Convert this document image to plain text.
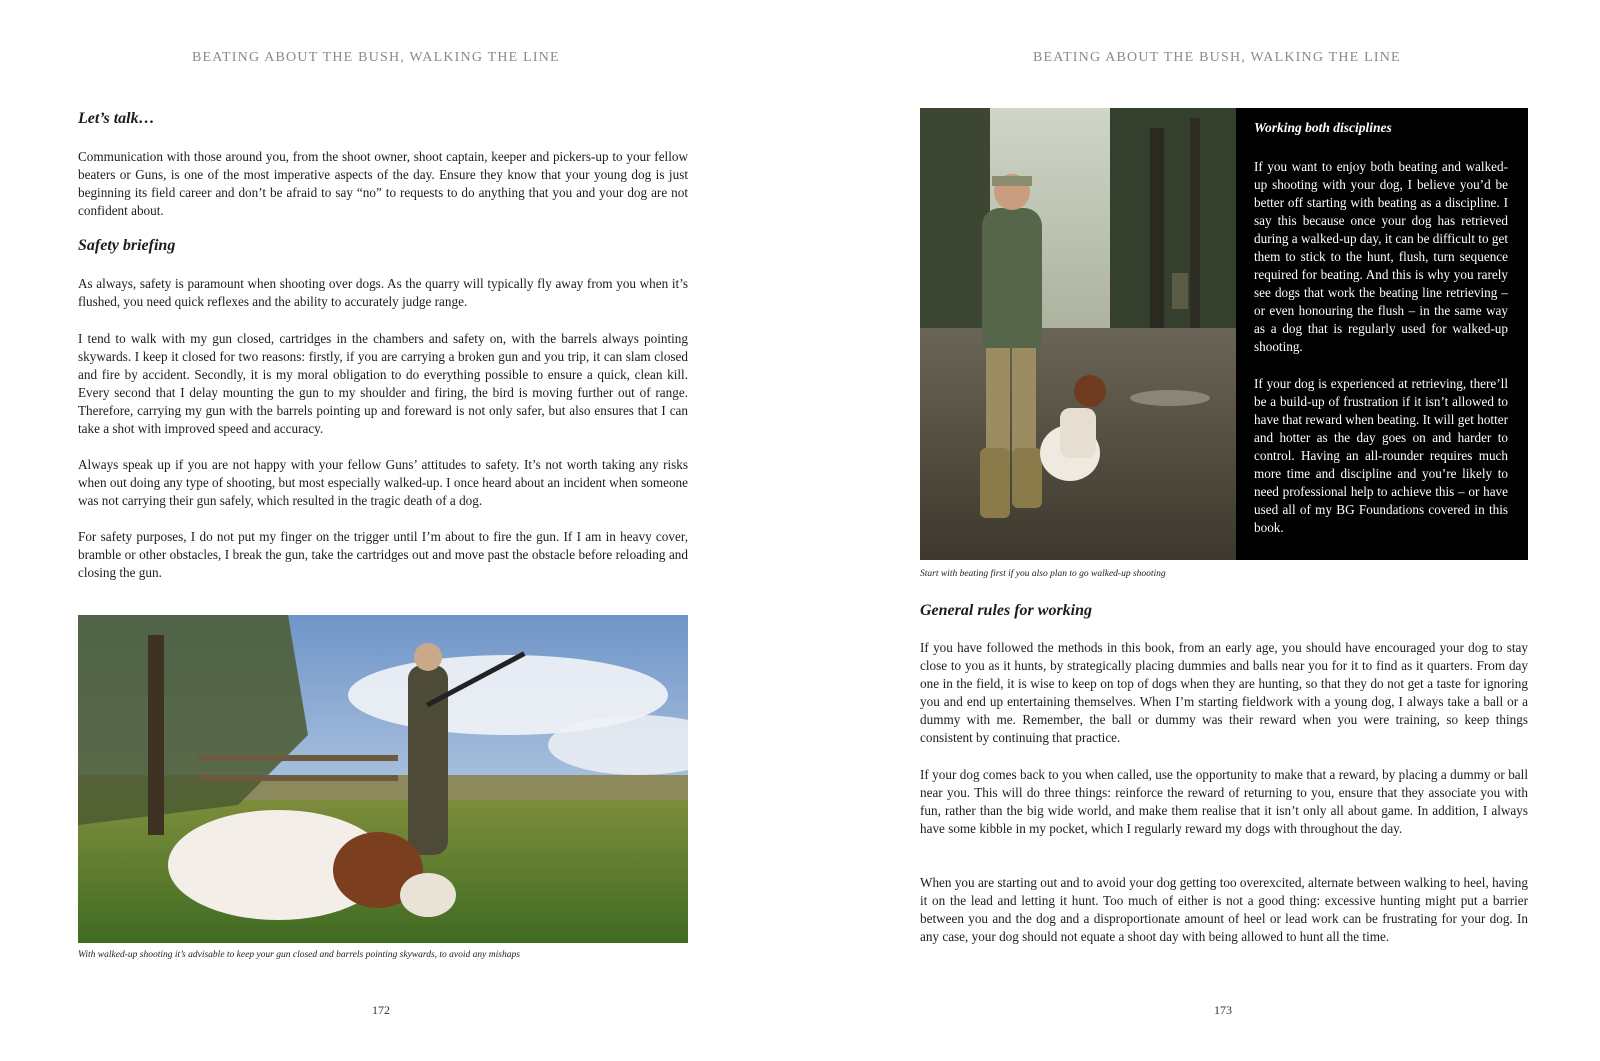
BEATING ABOUT THE BUSH, WALKING THE LINE
Let’s talk…

Communication with those around you, from the shoot owner, shoot captain, keeper and pickers-up to your fellow beaters or Guns, is one of the most imperative aspects of the day. Ensure they know that your young dog is just beginning its field career and don’t be afraid to say “no” to requests to do anything that you and your dog are not confident about.

Safety briefing

As always, safety is paramount when shooting over dogs. As the quarry will typically fly away from you when it’s flushed, you need quick reflexes and the ability to accurately judge range.

I tend to walk with my gun closed, cartridges in the chambers and safety on, with the barrels always pointing skywards. I keep it closed for two reasons: firstly, if you are carrying a broken gun and you trip, it can slam closed and fire by accident. Secondly, it is my moral obligation to do everything possible to ensure a quick, clean kill. Every second that I delay mounting the gun to my shoulder and firing, the bird is moving further out of range. Therefore, carrying my gun with the barrels pointing up and foreward is not only safer, but also ensures that I can take a shot with improved speed and accuracy.

Always speak up if you are not happy with your fellow Guns’ attitudes to safety. It’s not worth taking any risks when out doing any type of shooting, but most especially walked-up. I once heard about an incident when someone was not carrying their gun safely, which resulted in the tragic death of a dog.

For safety purposes, I do not put my finger on the trigger until I’m about to fire the gun. If I am in heavy cover, bramble or other obstacles, I break the gun, take the cartridges out and move past the obstacle before reloading and closing the gun.

With walked-up shooting it’s advisable to keep your gun closed and barrels pointing skywards, to avoid any mishaps
172
BEATING ABOUT THE BUSH, WALKING THE LINE
Working both disciplines

If you want to enjoy both beating and walked-up shooting with your dog, I believe you’d be better off starting with beating as a discipline. I say this because once your dog has retrieved during a walked-up day, it can be difficult to get them to stick to the hunt, flush, turn sequence required for beating. And this is why you rarely see dogs that work the beating line retrieving – or even honouring the flush – in the same way as a dog that is regularly used for walked-up shooting.

If your dog is experienced at retrieving, there’ll be a build-up of frustration if it isn’t allowed to have that reward when beating. It will get hotter and hotter as the day goes on and harder to control. Having an all-rounder requires much more time and discipline and you’re likely to need professional help to achieve this – or have used all of my BG Foundations covered in this book.

Start with beating first if you also plan to go walked-up shooting
General rules for working

If you have followed the methods in this book, from an early age, you should have encouraged your dog to stay close to you as it hunts, by strategically placing dummies and balls near you for it to find as it quarters. From day one in the field, it is wise to keep on top of dogs when they are hunting, so that they do not get a taste for ignoring you and end up entertaining themselves. When I’m starting fieldwork with a young dog, I always take a ball or a dummy with me. Remember, the ball or dummy was their reward when you were training, so keep things consistent by continuing that practice.

If your dog comes back to you when called, use the opportunity to make that a reward, by placing a dummy or ball near you. This will do three things: reinforce the reward of returning to you, ensure that they associate you with fun, rather than the big wide world, and make them realise that it isn’t only all about game. In addition, I always have some kibble in my pocket, which I regularly reward my dogs with throughout the day.

When you are starting out and to avoid your dog getting too overexcited, alternate between walking to heel, having it on the lead and letting it hunt. Too much of either is not a good thing: excessive hunting might put a barrier between you and the dog and a disproportionate amount of heel or lead work can be frustrating for your dog. In any case, your dog should not equate a shoot day with being allowed to hunt all the time.

173
